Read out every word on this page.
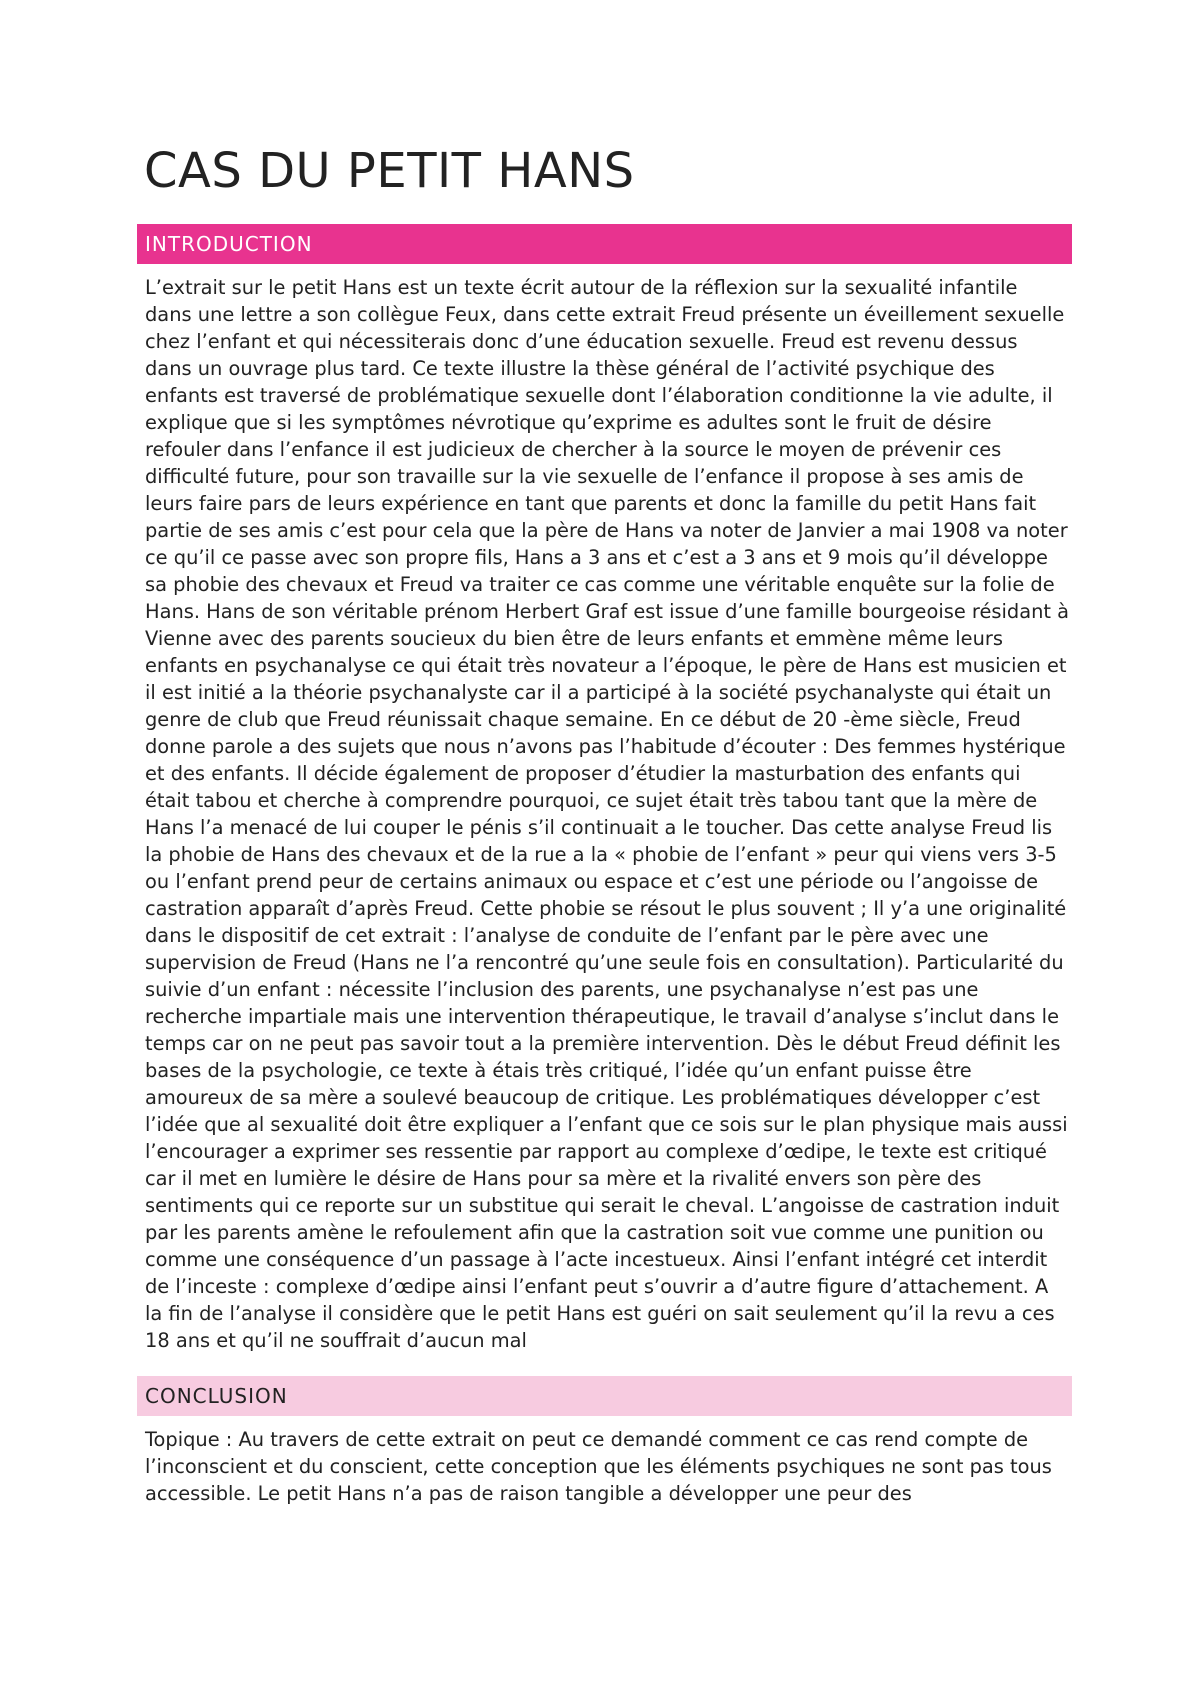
CAS DU PETIT HANS
INTRODUCTION

L’extrait sur le petit Hans est un texte écrit autour de la réflexion sur la sexualité infantile dans une lettre a son collègue Feux, dans cette extrait Freud présente un éveillement sexuelle chez l’enfant et qui nécessiterais donc d’une éducation sexuelle. Freud est revenu dessus dans un ouvrage plus tard. Ce texte illustre la thèse général de l’activité psychique des enfants est traversé de problématique sexuelle dont l’élaboration conditionne la vie adulte, il explique que si les symptômes névrotique qu’exprime es adultes sont le fruit de désire refouler dans l’enfance il est judicieux de chercher à la source le moyen de prévenir ces difficulté future, pour son travaille sur la vie sexuelle de l’enfance il propose à ses amis de leurs faire pars de leurs expérience en tant que parents et donc la famille du petit Hans fait partie de ses amis c’est pour cela que la père de Hans va noter de Janvier a mai 1908 va noter ce qu’il ce passe avec son propre fils, Hans a 3 ans et c’est a 3 ans et 9 mois qu’il développe sa phobie des chevaux et Freud va traiter ce cas comme une véritable enquête sur la folie de Hans. Hans de son véritable prénom Herbert Graf est issue d’une famille bourgeoise résidant à Vienne avec des parents soucieux du bien être de leurs enfants et emmène même leurs enfants en psychanalyse ce qui était très novateur a l’époque, le père de Hans est musicien et il est initié a la théorie psychanalyste car il a participé à la société psychanalyste qui était un genre de club que Freud réunissait chaque semaine. En ce début de 20 -ème siècle, Freud donne parole a des sujets que nous n’avons pas l’habitude d’écouter : Des femmes hystérique et des enfants. Il décide également de proposer d’étudier la masturbation des enfants qui était tabou et cherche à comprendre pourquoi, ce sujet était très tabou tant que la mère de Hans l’a menacé de lui couper le pénis s’il continuait a le toucher. Das cette analyse Freud lis la phobie de Hans des chevaux et de la rue a la « phobie de l’enfant » peur qui viens vers 3-5 ou l’enfant prend peur de certains animaux ou espace et c’est une période ou l’angoisse de castration apparaît d’après Freud. Cette phobie se résout le plus souvent ; Il y’a une originalité dans le dispositif de cet extrait : l’analyse de conduite de l’enfant par le père avec une supervision de Freud (Hans ne l’a rencontré qu’une seule fois en consultation). Particularité du suivie d’un enfant : nécessite l’inclusion des parents, une psychanalyse n’est pas une recherche impartiale mais une intervention thérapeutique, le travail d’analyse s’inclut dans le temps car on ne peut pas savoir tout a la première intervention. Dès le début Freud définit les bases de la psychologie, ce texte à étais très critiqué, l’idée qu’un enfant puisse être amoureux de sa mère a soulevé beaucoup de critique. Les problématiques développer c’est l’idée que al sexualité doit être expliquer a l’enfant que ce sois sur le plan physique mais aussi l’encourager a exprimer ses ressentie par rapport au complexe d’œdipe, le texte est critiqué car il met en lumière le désire de Hans pour sa mère et la rivalité envers son père des sentiments qui ce reporte sur un substitue qui serait le cheval. L’angoisse de castration induit par les parents amène le refoulement afin que la castration soit vue comme une punition ou comme une conséquence d’un passage à l’acte incestueux. Ainsi l’enfant intégré cet interdit de l’inceste : complexe d’œdipe ainsi l’enfant peut s’ouvrir a d’autre figure d’attachement. A la fin de l’analyse il considère que le petit Hans est guéri on sait seulement qu’il la revu a ces 18 ans et qu’il ne souffrait d’aucun mal

CONCLUSION

Topique : Au travers de cette extrait on peut ce demandé comment ce cas rend compte de l’inconscient et du conscient, cette conception que les éléments psychiques ne sont pas tous accessible. Le petit Hans n’a pas de raison tangible a développer une peur des
